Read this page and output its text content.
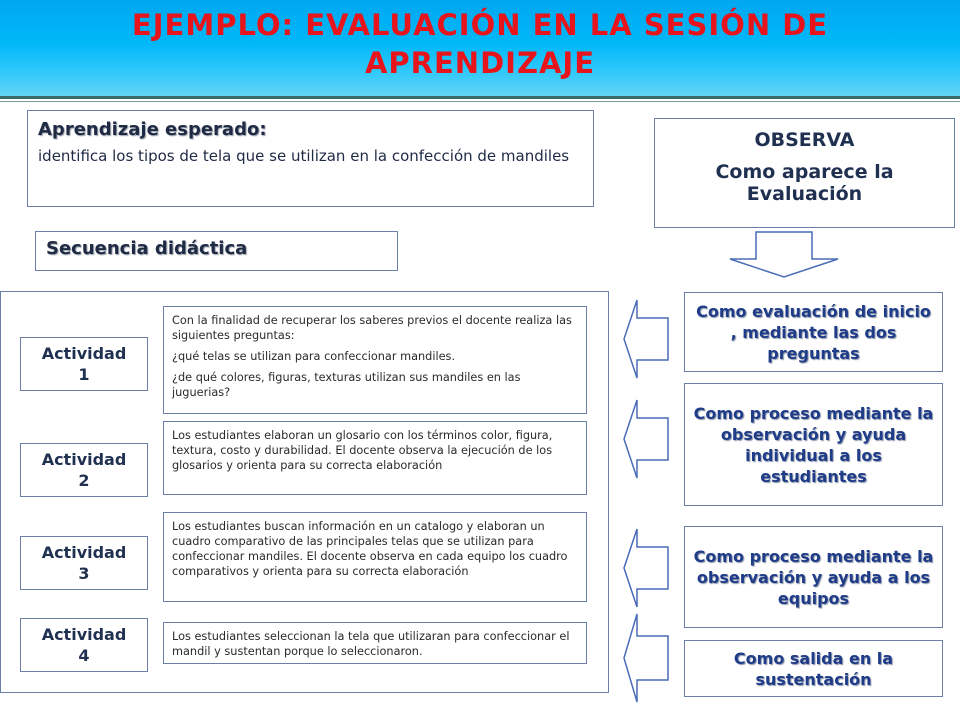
EJEMPLO: EVALUACIÓN EN LA SESIÓN DE
APRENDIZAJE
Aprendizaje esperado:
identifica los tipos de tela que se utilizan en la confección de mandiles
OBSERVA
Como aparece la Evaluación
Secuencia didáctica
Actividad
1

Con la finalidad de recuperar los saberes previos el docente realiza las siguientes preguntas:

¿qué telas se utilizan para confeccionar mandiles.

¿de qué colores, figuras, texturas utilizan sus mandiles en las juguerias?

Actividad
2

Los estudiantes elaboran un glosario con los términos color, figura, textura, costo y durabilidad. El docente observa la ejecución de los glosarios y orienta para su correcta elaboración

Actividad
3

Los estudiantes buscan información en un catalogo y elaboran un cuadro comparativo de las principales telas que se utilizan para confeccionar mandiles. El docente observa en cada equipo los cuadro comparativos y orienta para su correcta elaboración

Actividad
4

Los estudiantes seleccionan la tela que utilizaran para confeccionar el mandil y sustentan porque lo seleccionaron.

Como evaluación de inicio , mediante las dos preguntas
Como proceso mediante la observación y ayuda individual a los estudiantes
Como proceso mediante la observación y ayuda a los equipos
Como salida en la sustentación
